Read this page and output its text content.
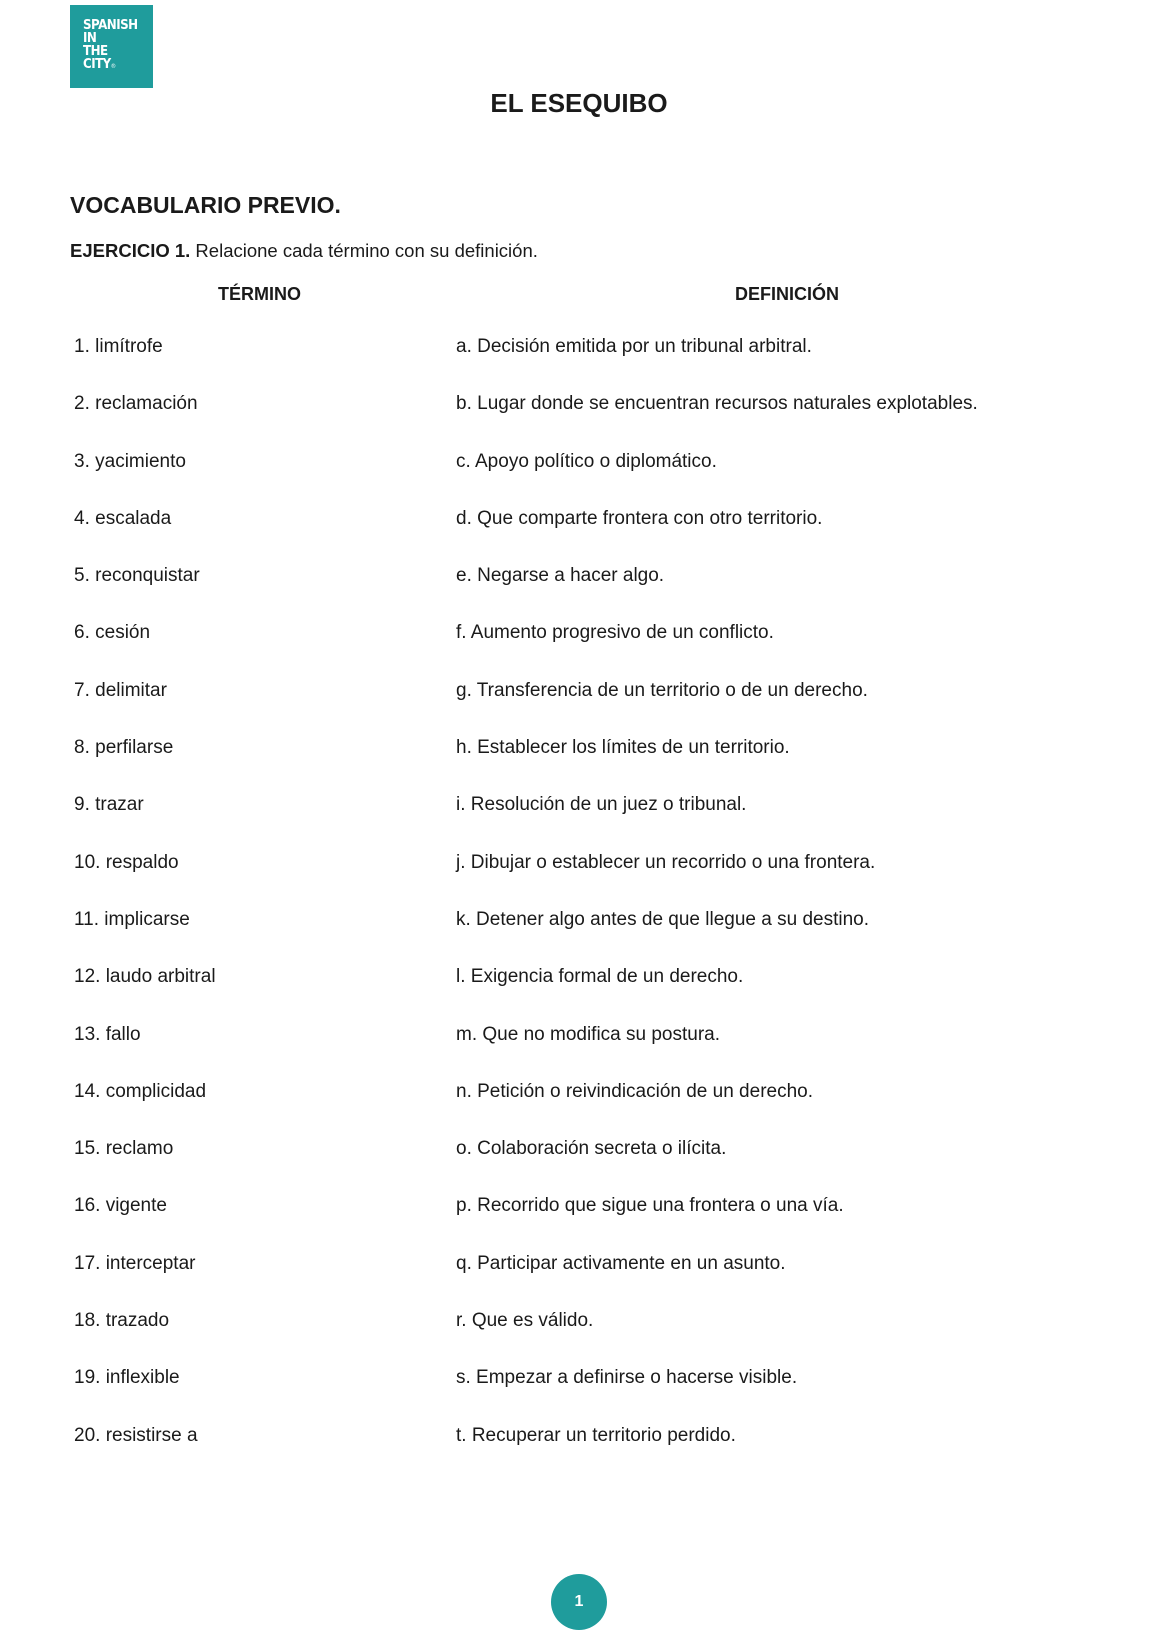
SPANISH
IN
THE
CITY®
EL ESEQUIBO
VOCABULARIO PREVIO.
EJERCICIO 1. Relacione cada término con su definición.
TÉRMINO	DEFINICIÓN
1. limítrofe	a. Decisión emitida por un tribunal arbitral.
2. reclamación	b. Lugar donde se encuentran recursos naturales explotables.
3. yacimiento	c. Apoyo político o diplomático.
4. escalada	d. Que comparte frontera con otro territorio.
5. reconquistar	e. Negarse a hacer algo.
6. cesión	f. Aumento progresivo de un conflicto.
7. delimitar	g. Transferencia de un territorio o de un derecho.
8. perfilarse	h. Establecer los límites de un territorio.
9. trazar	i. Resolución de un juez o tribunal.
10. respaldo	j. Dibujar o establecer un recorrido o una frontera.
11. implicarse	k. Detener algo antes de que llegue a su destino.
12. laudo arbitral	l. Exigencia formal de un derecho.
13. fallo	m. Que no modifica su postura.
14. complicidad	n. Petición o reivindicación de un derecho.
15. reclamo	o. Colaboración secreta o ilícita.
16. vigente	p. Recorrido que sigue una frontera o una vía.
17. interceptar	q. Participar activamente en un asunto.
18. trazado	r. Que es válido.
19. inflexible	s. Empezar a definirse o hacerse visible.
20. resistirse a	t. Recuperar un territorio perdido.
1
